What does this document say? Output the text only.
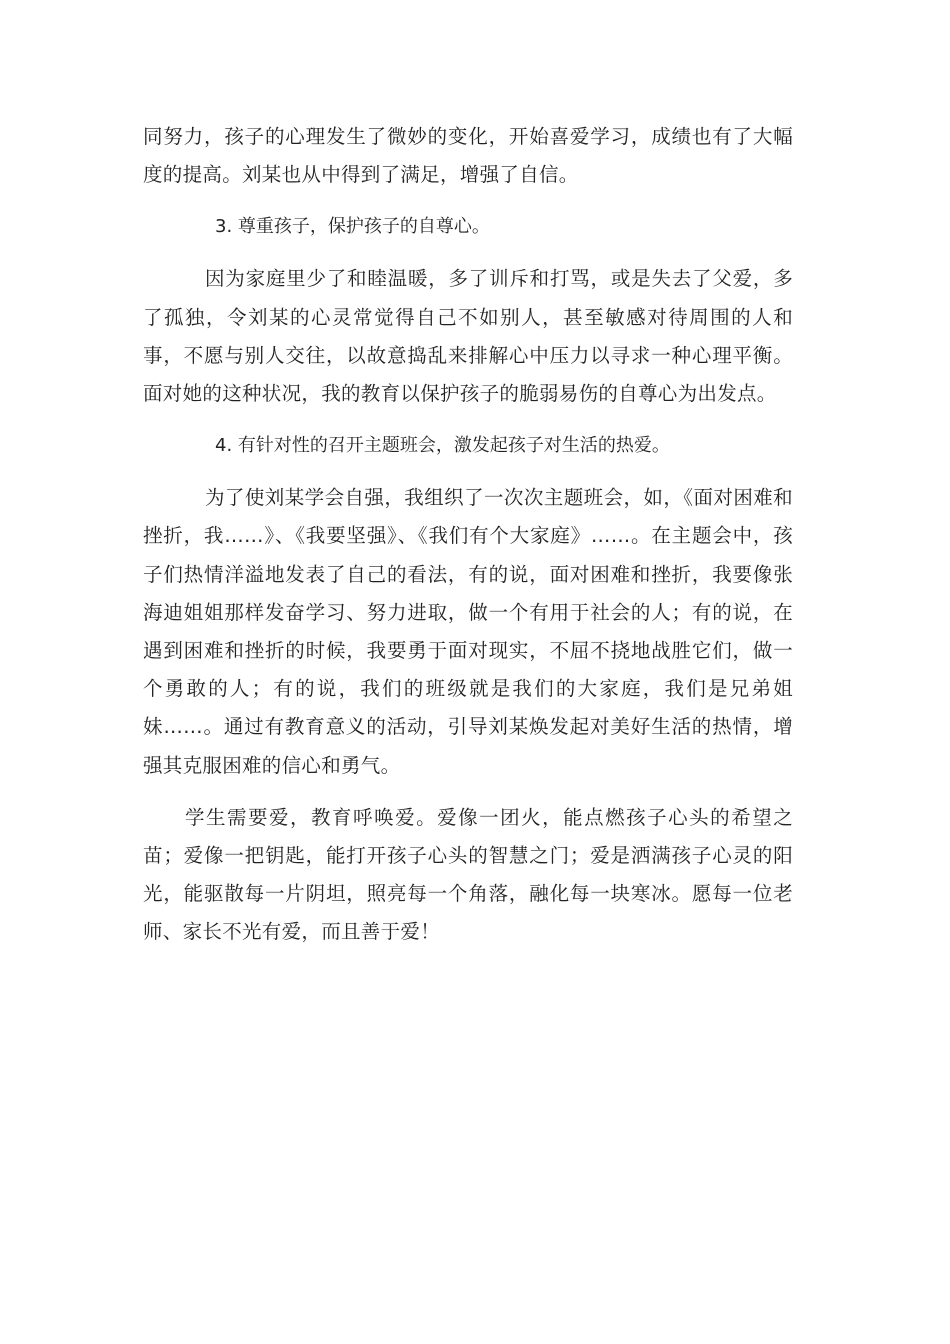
同努力，孩子的心理发生了微妙的变化，开始喜爱学习，成绩也有了大幅度的提高。刘某也从中得到了满足，增强了自信。

3. 尊重孩子，保护孩子的自尊心。

因为家庭里少了和睦温暖，多了训斥和打骂，或是失去了父爱，多了孤独，令刘某的心灵常觉得自己不如别人，甚至敏感对待周围的人和事，不愿与别人交往，以故意捣乱来排解心中压力以寻求一种心理平衡。面对她的这种状况，我的教育以保护孩子的脆弱易伤的自尊心为出发点。

4. 有针对性的召开主题班会，激发起孩子对生活的热爱。

为了使刘某学会自强，我组织了一次次主题班会，如，《面对困难和挫折，我……》、《我要坚强》、《我们有个大家庭》……。在主题会中，孩子们热情洋溢地发表了自己的看法，有的说，面对困难和挫折，我要像张海迪姐姐那样发奋学习、努力进取，做一个有用于社会的人；有的说，在遇到困难和挫折的时候，我要勇于面对现实，不屈不挠地战胜它们，做一个勇敢的人；有的说，我们的班级就是我们的大家庭，我们是兄弟姐妹……。通过有教育意义的活动，引导刘某焕发起对美好生活的热情，增强其克服困难的信心和勇气。

学生需要爱，教育呼唤爱。爱像一团火，能点燃孩子心头的希望之苗；爱像一把钥匙，能打开孩子心头的智慧之门；爱是洒满孩子心灵的阳光，能驱散每一片阴坦，照亮每一个角落，融化每一块寒冰。愿每一位老师、家长不光有爱，而且善于爱！
